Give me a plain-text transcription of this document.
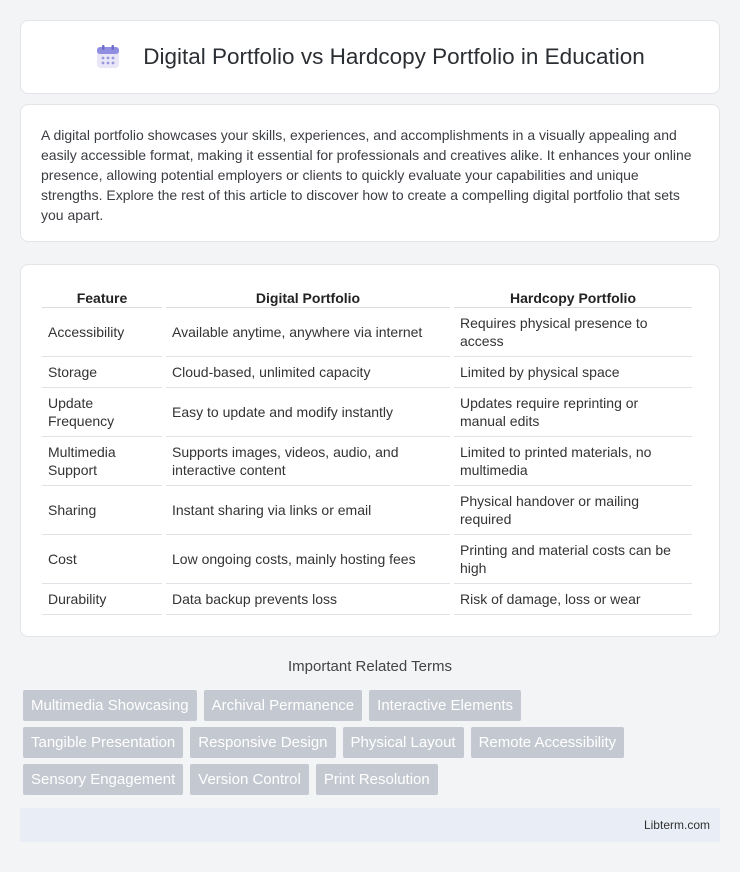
Digital Portfolio vs Hardcopy Portfolio in Education

A digital portfolio showcases your skills, experiences, and accomplishments in a visually appealing and easily accessible format, making it essential for professionals and creatives alike. It enhances your online presence, allowing potential employers or clients to quickly evaluate your capabilities and unique strengths. Explore the rest of this article to discover how to create a compelling digital portfolio that sets you apart.

Feature	Digital Portfolio	Hardcopy Portfolio
Accessibility	Available anytime, anywhere via internet	Requires physical presence to access
Storage	Cloud-based, unlimited capacity	Limited by physical space
Update Frequency	Easy to update and modify instantly	Updates require reprinting or manual edits
Multimedia Support	Supports images, videos, audio, and interactive content	Limited to printed materials, no multimedia
Sharing	Instant sharing via links or email	Physical handover or mailing required
Cost	Low ongoing costs, mainly hosting fees	Printing and material costs can be high
Durability	Data backup prevents loss	Risk of damage, loss or wear
Important Related Terms
Multimedia Showcasing	Archival Permanence	Interactive Elements
Tangible Presentation	Responsive Design	Physical Layout	Remote Accessibility
Sensory Engagement	Version Control	Print Resolution
Libterm.com
